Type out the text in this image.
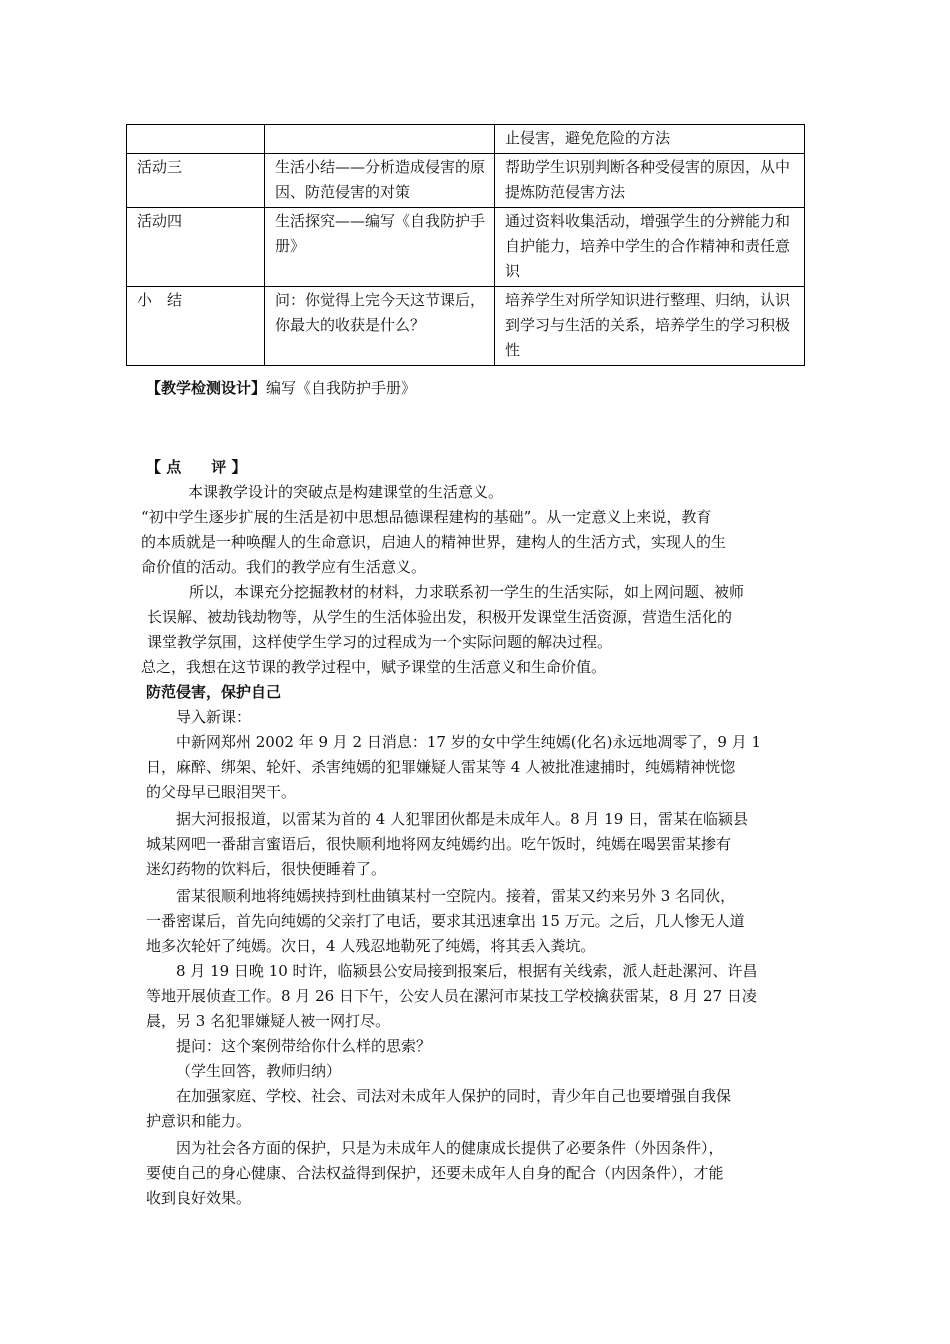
		止侵害，避免危险的方法
活动三	生活小结——分析造成侵害的原因、防范侵害的对策	帮助学生识别判断各种受侵害的原因，从中提炼防范侵害方法
活动四	生活探究——编写《自我防护手册》	通过资料收集活动，增强学生的分辨能力和自护能力，培养中学生的合作精神和责任意识
小　结	问：你觉得上完今天这节课后，你最大的收获是什么？	培养学生对所学知识进行整理、归纳，认识到学习与生活的关系，培养学生的学习积极性
【教学检测设计】编写《自我防护手册》
【 点　　评 】
本课教学设计的突破点是构建课堂的生活意义。
“初中学生逐步扩展的生活是初中思想品德课程建构的基础”。从一定意义上来说，教育
的本质就是一种唤醒人的生命意识，启迪人的精神世界，建构人的生活方式，实现人的生
命价值的活动。我们的教学应有生活意义。
所以，本课充分挖掘教材的材料，力求联系初一学生的生活实际，如上网问题、被师
长误解、被劫钱劫物等，从学生的生活体验出发，积极开发课堂生活资源，营造生活化的
课堂教学氛围，这样使学生学习的过程成为一个实际问题的解决过程。
总之，我想在这节课的教学过程中，赋予课堂的生活意义和生命价值。
防范侵害，保护自己
导入新课：
中新网郑州 2002 年 9 月 2 日消息：17 岁的女中学生纯嫣(化名)永远地凋零了，9 月 1
日，麻醉、绑架、轮奸、杀害纯嫣的犯罪嫌疑人雷某等 4 人被批准逮捕时，纯嫣精神恍惚
的父母早已眼泪哭干。
据大河报报道，以雷某为首的 4 人犯罪团伙都是未成年人。8 月 19 日，雷某在临颍县
城某网吧一番甜言蜜语后，很快顺利地将网友纯嫣约出。吃午饭时，纯嫣在喝罢雷某掺有
迷幻药物的饮料后，很快便睡着了。
雷某很顺利地将纯嫣挟持到杜曲镇某村一空院内。接着，雷某又约来另外 3 名同伙，
一番密谋后，首先向纯嫣的父亲打了电话，要求其迅速拿出 15 万元。之后，几人惨无人道
地多次轮奸了纯嫣。次日，4 人残忍地勒死了纯嫣，将其丢入粪坑。
8 月 19 日晚 10 时许，临颍县公安局接到报案后，根据有关线索，派人赶赴漯河、许昌
等地开展侦查工作。8 月 26 日下午，公安人员在漯河市某技工学校擒获雷某，8 月 27 日凌
晨，另 3 名犯罪嫌疑人被一网打尽。
提问：这个案例带给你什么样的思索？
（学生回答，教师归纳）
在加强家庭、学校、社会、司法对未成年人保护的同时，青少年自己也要增强自我保
护意识和能力。
因为社会各方面的保护，只是为未成年人的健康成长提供了必要条件（外因条件），
要使自己的身心健康、合法权益得到保护，还要未成年人自身的配合（内因条件），才能
收到良好效果。
